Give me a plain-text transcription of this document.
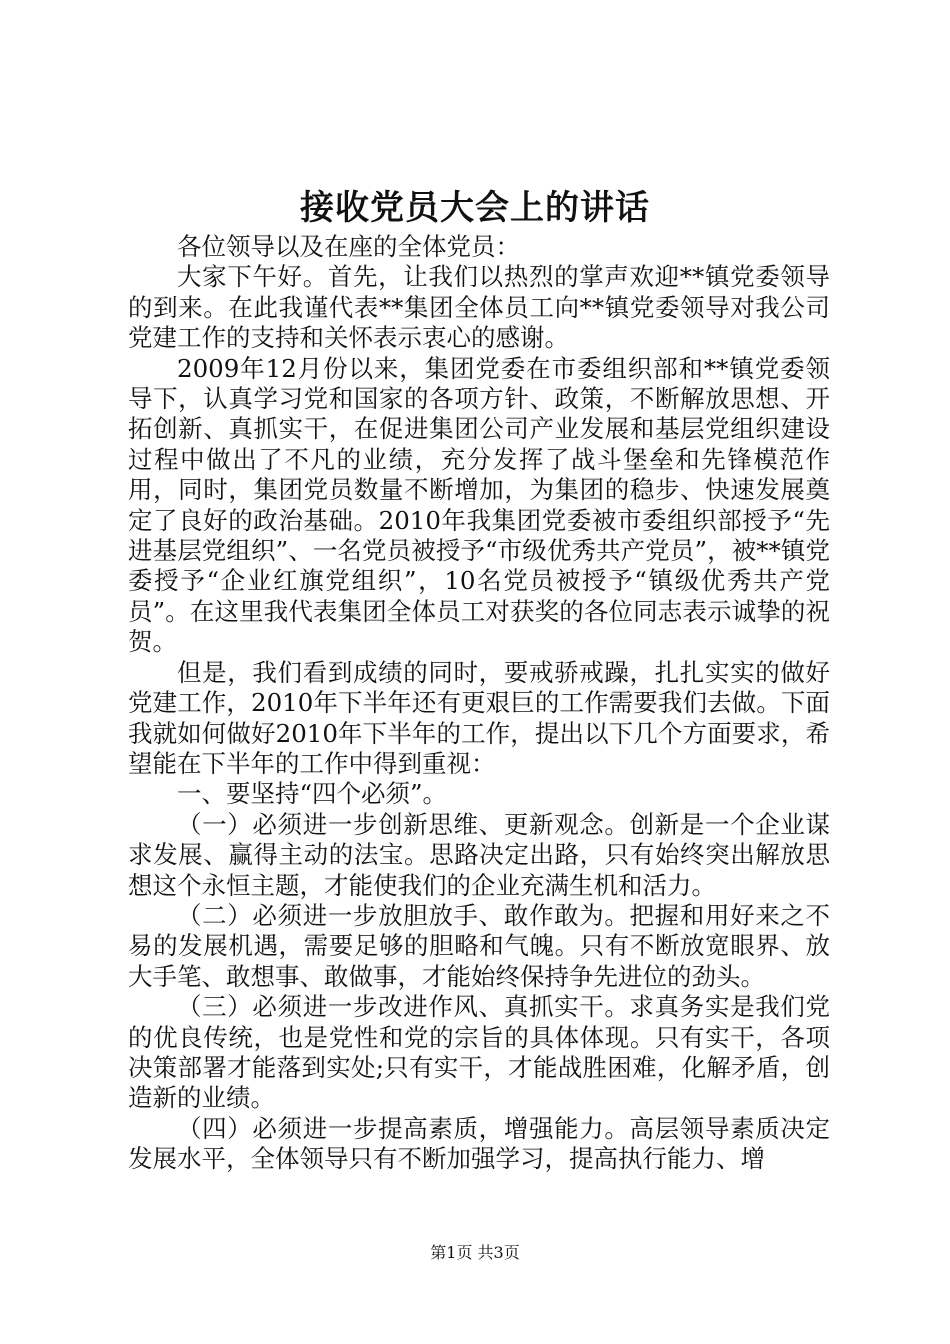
接收党员大会上的讲话

各位领导以及在座的全体党员：

大家下午好。首先，让我们以热烈的掌声欢迎**镇党委领导的到来。在此我谨代表**集团全体员工向**镇党委领导对我公司党建工作的支持和关怀表示衷心的感谢。

2009年12月份以来，集团党委在市委组织部和**镇党委领导下，认真学习党和国家的各项方针、政策，不断解放思想、开拓创新、真抓实干，在促进集团公司产业发展和基层党组织建设过程中做出了不凡的业绩，充分发挥了战斗堡垒和先锋模范作用，同时，集团党员数量不断增加，为集团的稳步、快速发展奠定了良好的政治基础。2010年我集团党委被市委组织部授予“先进基层党组织”、一名党员被授予“市级优秀共产党员”，被**镇党委授予“企业红旗党组织”，10名党员被授予“镇级优秀共产党员”。在这里我代表集团全体员工对获奖的各位同志表示诚挚的祝贺。

但是，我们看到成绩的同时，要戒骄戒躁，扎扎实实的做好党建工作，2010年下半年还有更艰巨的工作需要我们去做。下面我就如何做好2010年下半年的工作，提出以下几个方面要求，希望能在下半年的工作中得到重视：

一、要坚持“四个必须”。

（一）必须进一步创新思维、更新观念。创新是一个企业谋求发展、赢得主动的法宝。思路决定出路，只有始终突出解放思想这个永恒主题，才能使我们的企业充满生机和活力。

（二）必须进一步放胆放手、敢作敢为。把握和用好来之不易的发展机遇，需要足够的胆略和气魄。只有不断放宽眼界、放大手笔、敢想事、敢做事，才能始终保持争先进位的劲头。

（三）必须进一步改进作风、真抓实干。求真务实是我们党的优良传统，也是党性和党的宗旨的具体体现。只有实干，各项决策部署才能落到实处;只有实干，才能战胜困难，化解矛盾，创造新的业绩。

（四）必须进一步提高素质，增强能力。高层领导素质决定发展水平，全体领导只有不断加强学习，提高执行能力、增

第1页 共3页
